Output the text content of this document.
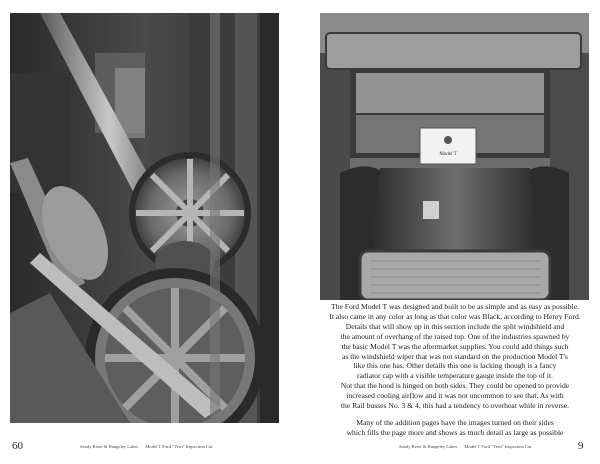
Model T

The Ford Model T was designed and built to be as simple and as easy as possible.
It also came in any color as long as that color was Black, according to Henry Ford.
Details that will show up in this section include the split windshield and
the amount of overhang of the raised top. One of the industries spawned by
the basic Model T was the aftermarket supplies. You could add things such
as the windshield wiper that was not standard on the production Model T's
like this one has. Other details this one is lacking though is a fancy
radiator cap with a visible temperature gauge inside the top of it.
Not that the hood is hinged on both sides. They could be opened to provide
increased cooling airflow and it was not uncommon to see that. As with
the Rail busses No. 3 & 4, this had a tendency to overheat while in reverse.

Many of the addition pages have the images turned on their sides
which fills the page more and shows as much detail as large as possible

60	Sandy River & Rangeley Lakes Model T Ford "Vern" Inspection Car	Sandy River & Rangeley Lakes Model T Ford "Vern" Inspection Car	9
